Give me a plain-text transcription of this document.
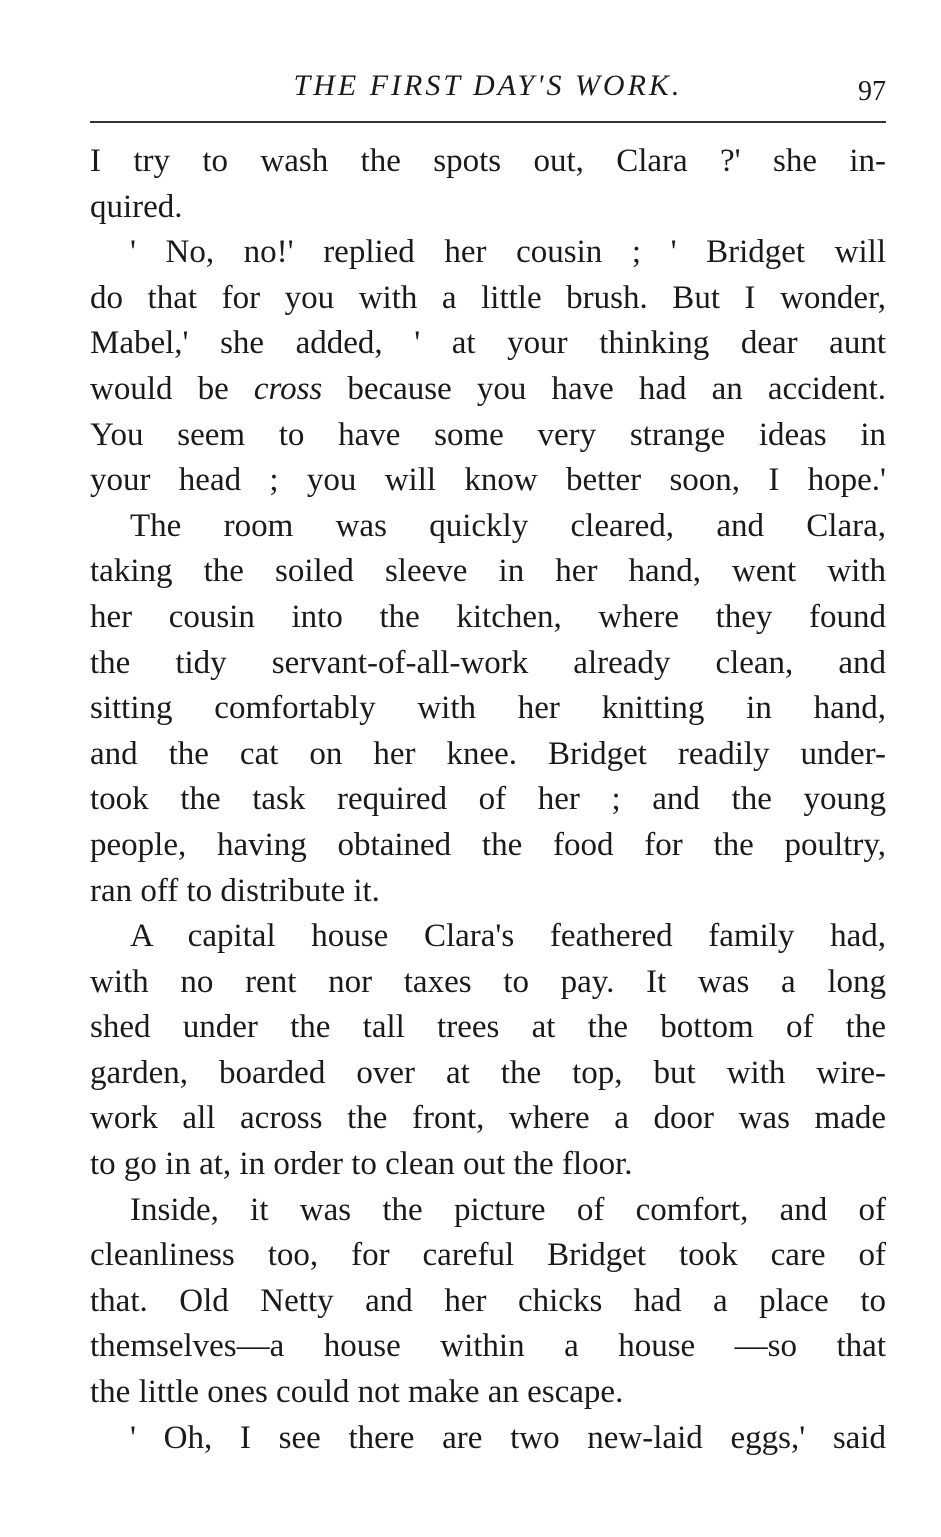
THE FIRST DAY'S WORK.	97

I try to wash the spots out, Clara ?' she in-
quired.

' No, no!' replied her cousin ; ' Bridget will
do that for you with a little brush. But I wonder,
Mabel,' she added, ' at your thinking dear aunt
would be cross because you have had an accident.
You seem to have some very strange ideas in
your head ; you will know better soon, I hope.'

The room was quickly cleared, and Clara,
taking the soiled sleeve in her hand, went with
her cousin into the kitchen, where they found
the tidy servant-of-all-work already clean, and
sitting comfortably with her knitting in hand,
and the cat on her knee. Bridget readily under-
took the task required of her ; and the young
people, having obtained the food for the poultry,
ran off to distribute it.

A capital house Clara's feathered family had,
with no rent nor taxes to pay. It was a long
shed under the tall trees at the bottom of the
garden, boarded over at the top, but with wire-
work all across the front, where a door was made
to go in at, in order to clean out the floor.

Inside, it was the picture of comfort, and of
cleanliness too, for careful Bridget took care of
that. Old Netty and her chicks had a place to
themselves—a house within a house —so that
the little ones could not make an escape.

' Oh, I see there are two new-laid eggs,' said
